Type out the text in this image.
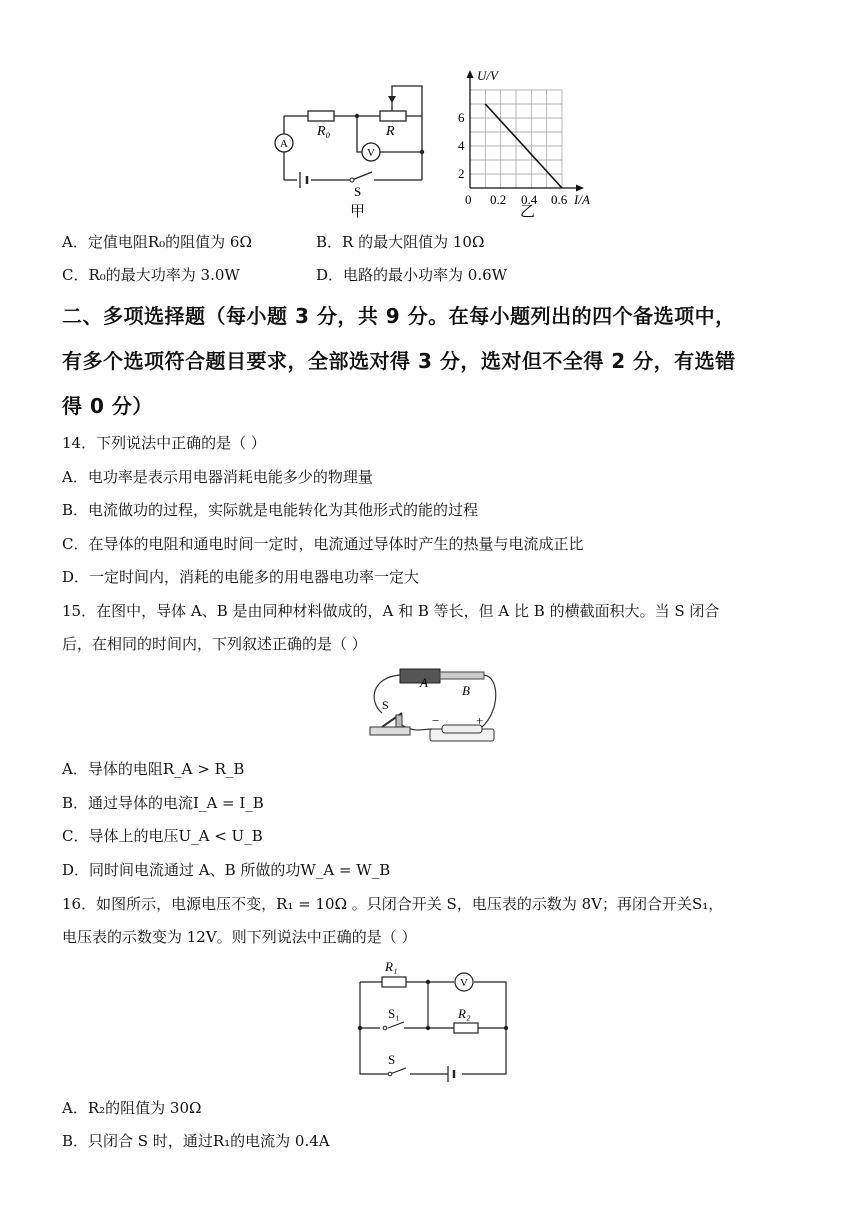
A
V
R₀	R
S
甲
U/V
2
4
6
0 0.2 0.4 0.6 I/A
乙
A．定值电阻R₀的阻值为 6Ω	B．R 的最大阻值为 10Ω
C．R₀的最大功率为 3.0W	D．电路的最小功率为 0.6W
二、多项选择题（每小题 3 分，共 9 分。在每小题列出的四个备选项中，
有多个选项符合题目要求，全部选对得 3 分，选对但不全得 2 分，有选错
得 0 分）
14．下列说法中正确的是（ ）
A．电功率是表示用电器消耗电能多少的物理量
B．电流做功的过程，实际就是电能转化为其他形式的能的过程
C．在导体的电阻和通电时间一定时，电流通过导体时产生的热量与电流成正比
D．一定时间内，消耗的电能多的用电器电功率一定大
15．在图中，导体 A、B 是由同种材料做成的，A 和 B 等长，但 A 比 B 的横截面积大。当 S 闭合
后，在相同的时间内，下列叙述正确的是（ ）
A
B
S
−	+
A．导体的电阻R_A > R_B
B．通过导体的电流I_A = I_B
C．导体上的电压U_A < U_B
D．同时间电流通过 A、B 所做的功W_A = W_B
16．如图所示，电源电压不变，R₁ = 10Ω 。只闭合开关 S，电压表的示数为 8V；再闭合开关S₁，
电压表的示数变为 12V。则下列说法中正确的是（ ）
V
R₁
R₂
S₁
S
A．R₂的阻值为 30Ω
B．只闭合 S 时，通过R₁的电流为 0.4A
